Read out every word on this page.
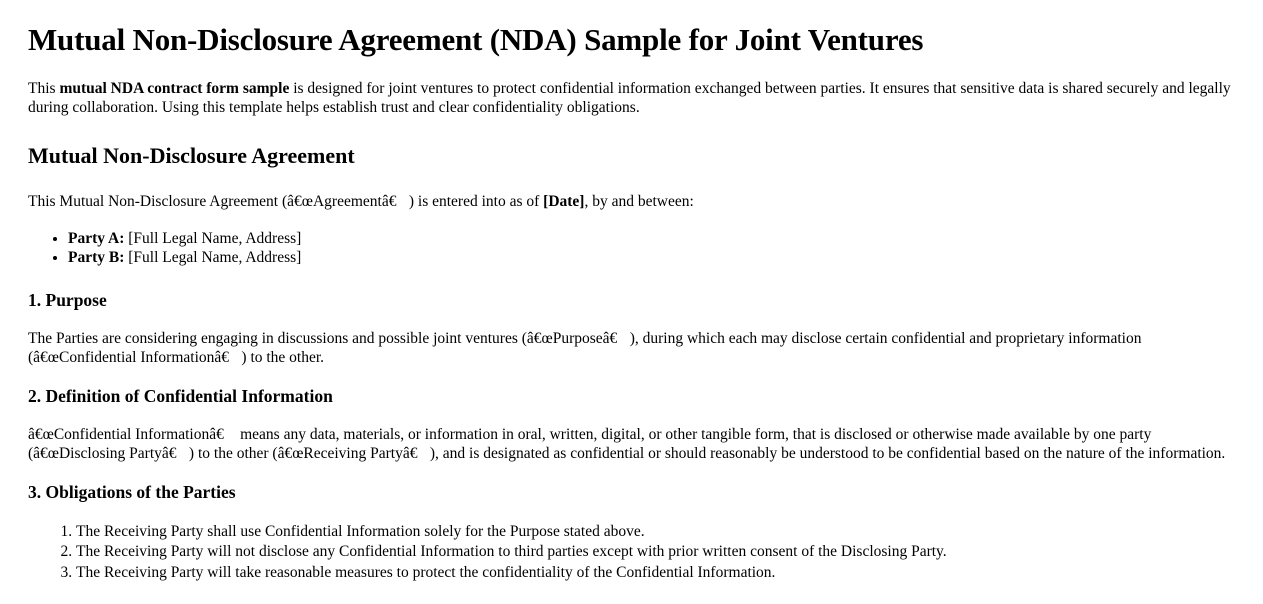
Mutual Non-Disclosure Agreement (NDA) Sample for Joint Ventures

This mutual NDA contract form sample is designed for joint ventures to protect confidential information exchanged between parties. It ensures that sensitive data is shared securely and legally during collaboration. Using this template helps establish trust and clear confidentiality obligations.

Mutual Non-Disclosure Agreement

This Mutual Non-Disclosure Agreement (â€œAgreementâ€) is entered into as of [Date], by and between:

• Party A: [Full Legal Name, Address]
• Party B: [Full Legal Name, Address]
1. Purpose

The Parties are considering engaging in discussions and possible joint ventures (â€œPurposeâ€), during which each may disclose certain confidential and proprietary information (â€œConfidential Informationâ€) to the other.

2. Definition of Confidential Information

â€œConfidential Informationâ€ means any data, materials, or information in oral, written, digital, or other tangible form, that is disclosed or otherwise made available by one party (â€œDisclosing Partyâ€) to the other (â€œReceiving Partyâ€), and is designated as confidential or should reasonably be understood to be confidential based on the nature of the information.

3. Obligations of the Parties
1. The Receiving Party shall use Confidential Information solely for the Purpose stated above.
2. The Receiving Party will not disclose any Confidential Information to third parties except with prior written consent of the Disclosing Party.
3. The Receiving Party will take reasonable measures to protect the confidentiality of the Confidential Information.
